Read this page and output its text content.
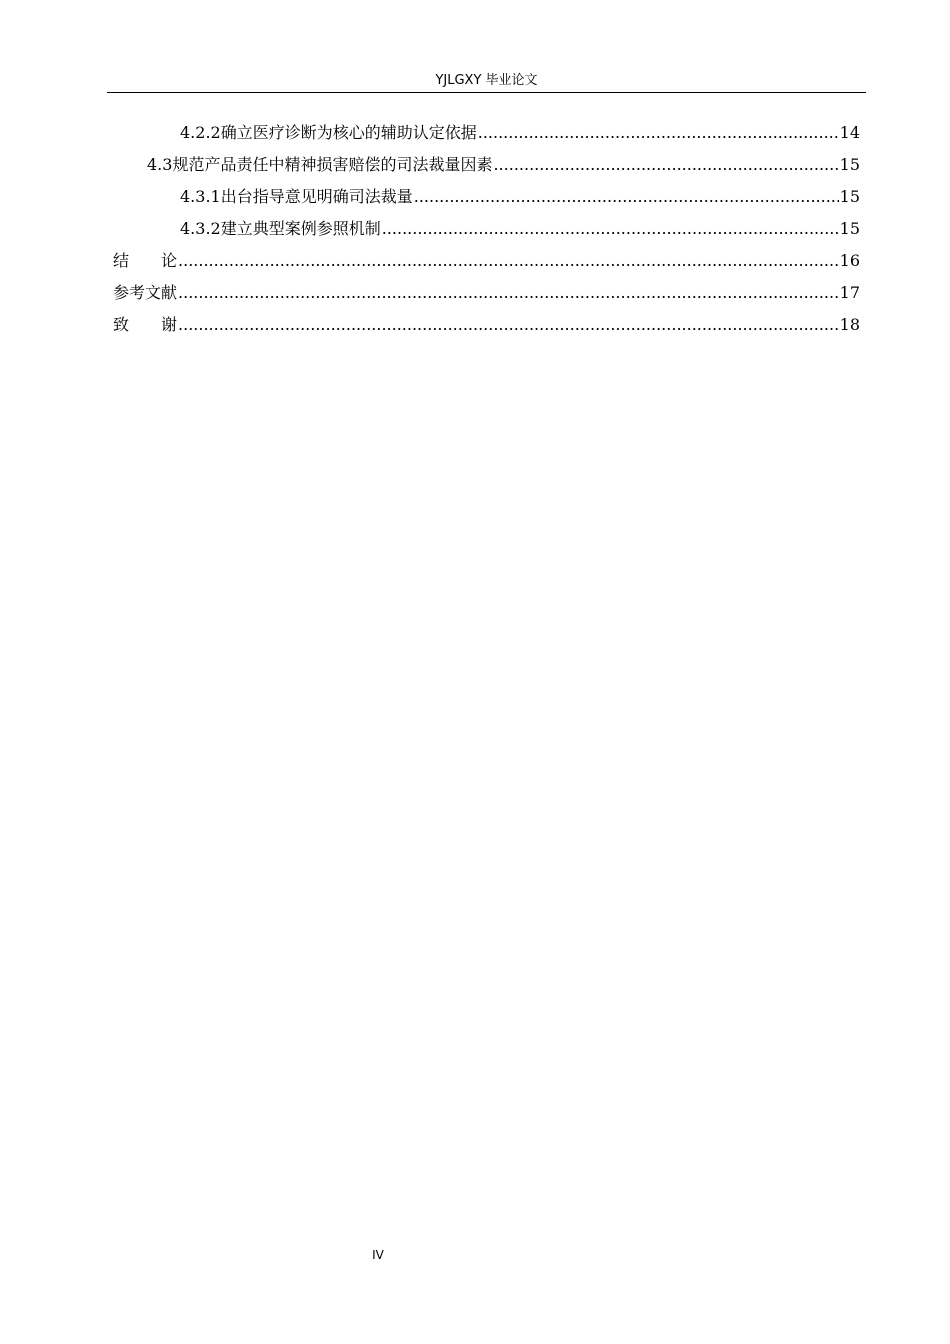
YJLGXY 毕业论文
4.2.2 确立医疗诊断为核心的辅助认定依据 .....	14
4.3 规范产品责任中精神损害赔偿的司法裁量因素 .....	15
4.3.1 出台指导意见明确司法裁量 .....	15
4.3.2 建立典型案例参照机制 .....	15
结　　论 .....	16
参考文献 .....	17
致　　谢 .....	18
IV
